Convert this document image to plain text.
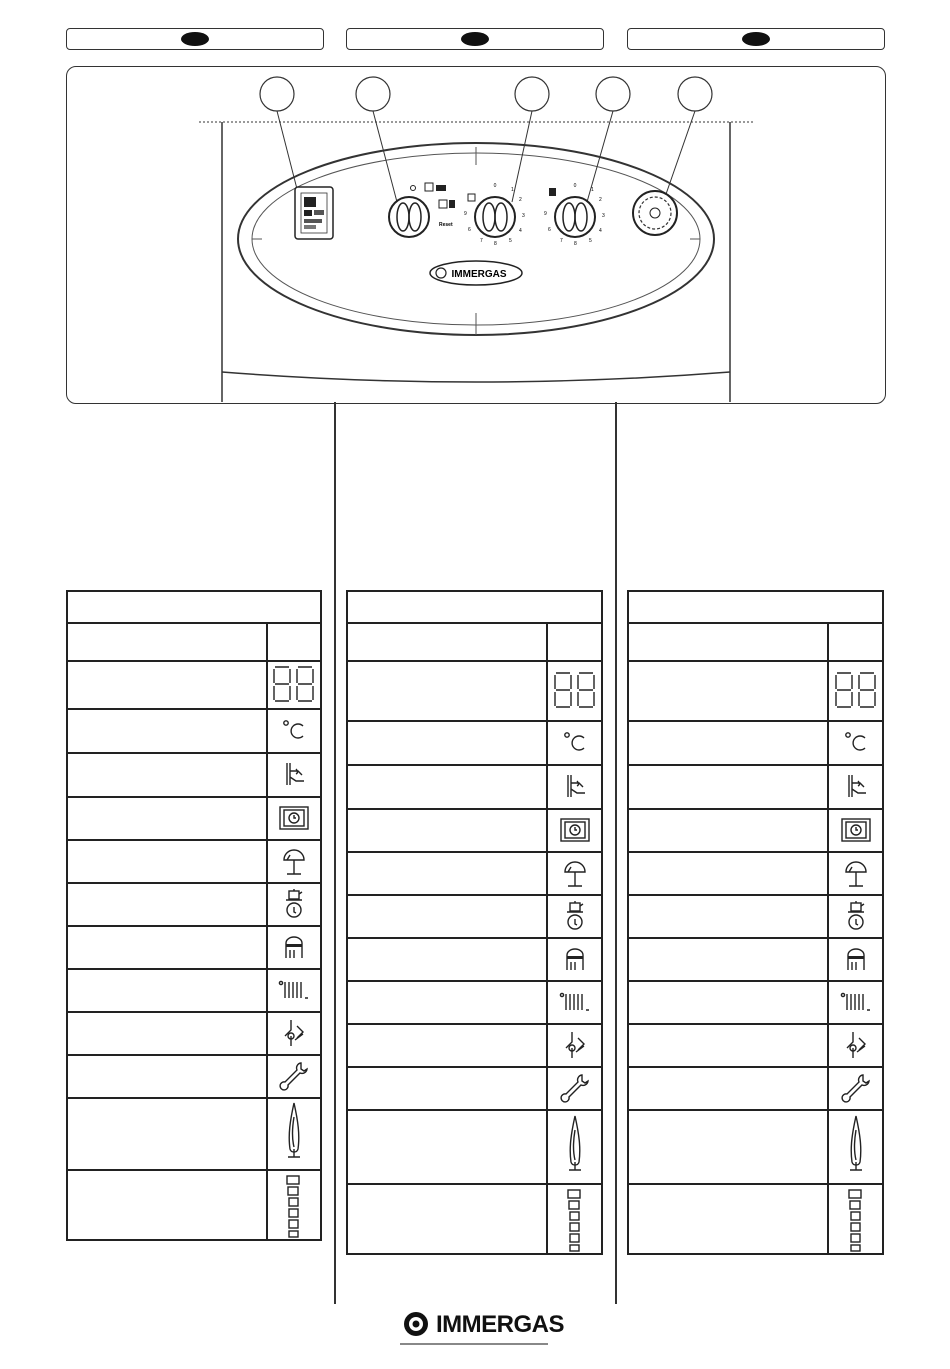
Reset
0
1
2
3
4
5
8
7
6
9
0
1
2
3
4
5
8
7
6
9
IMMERGAS
IMMERGAS
